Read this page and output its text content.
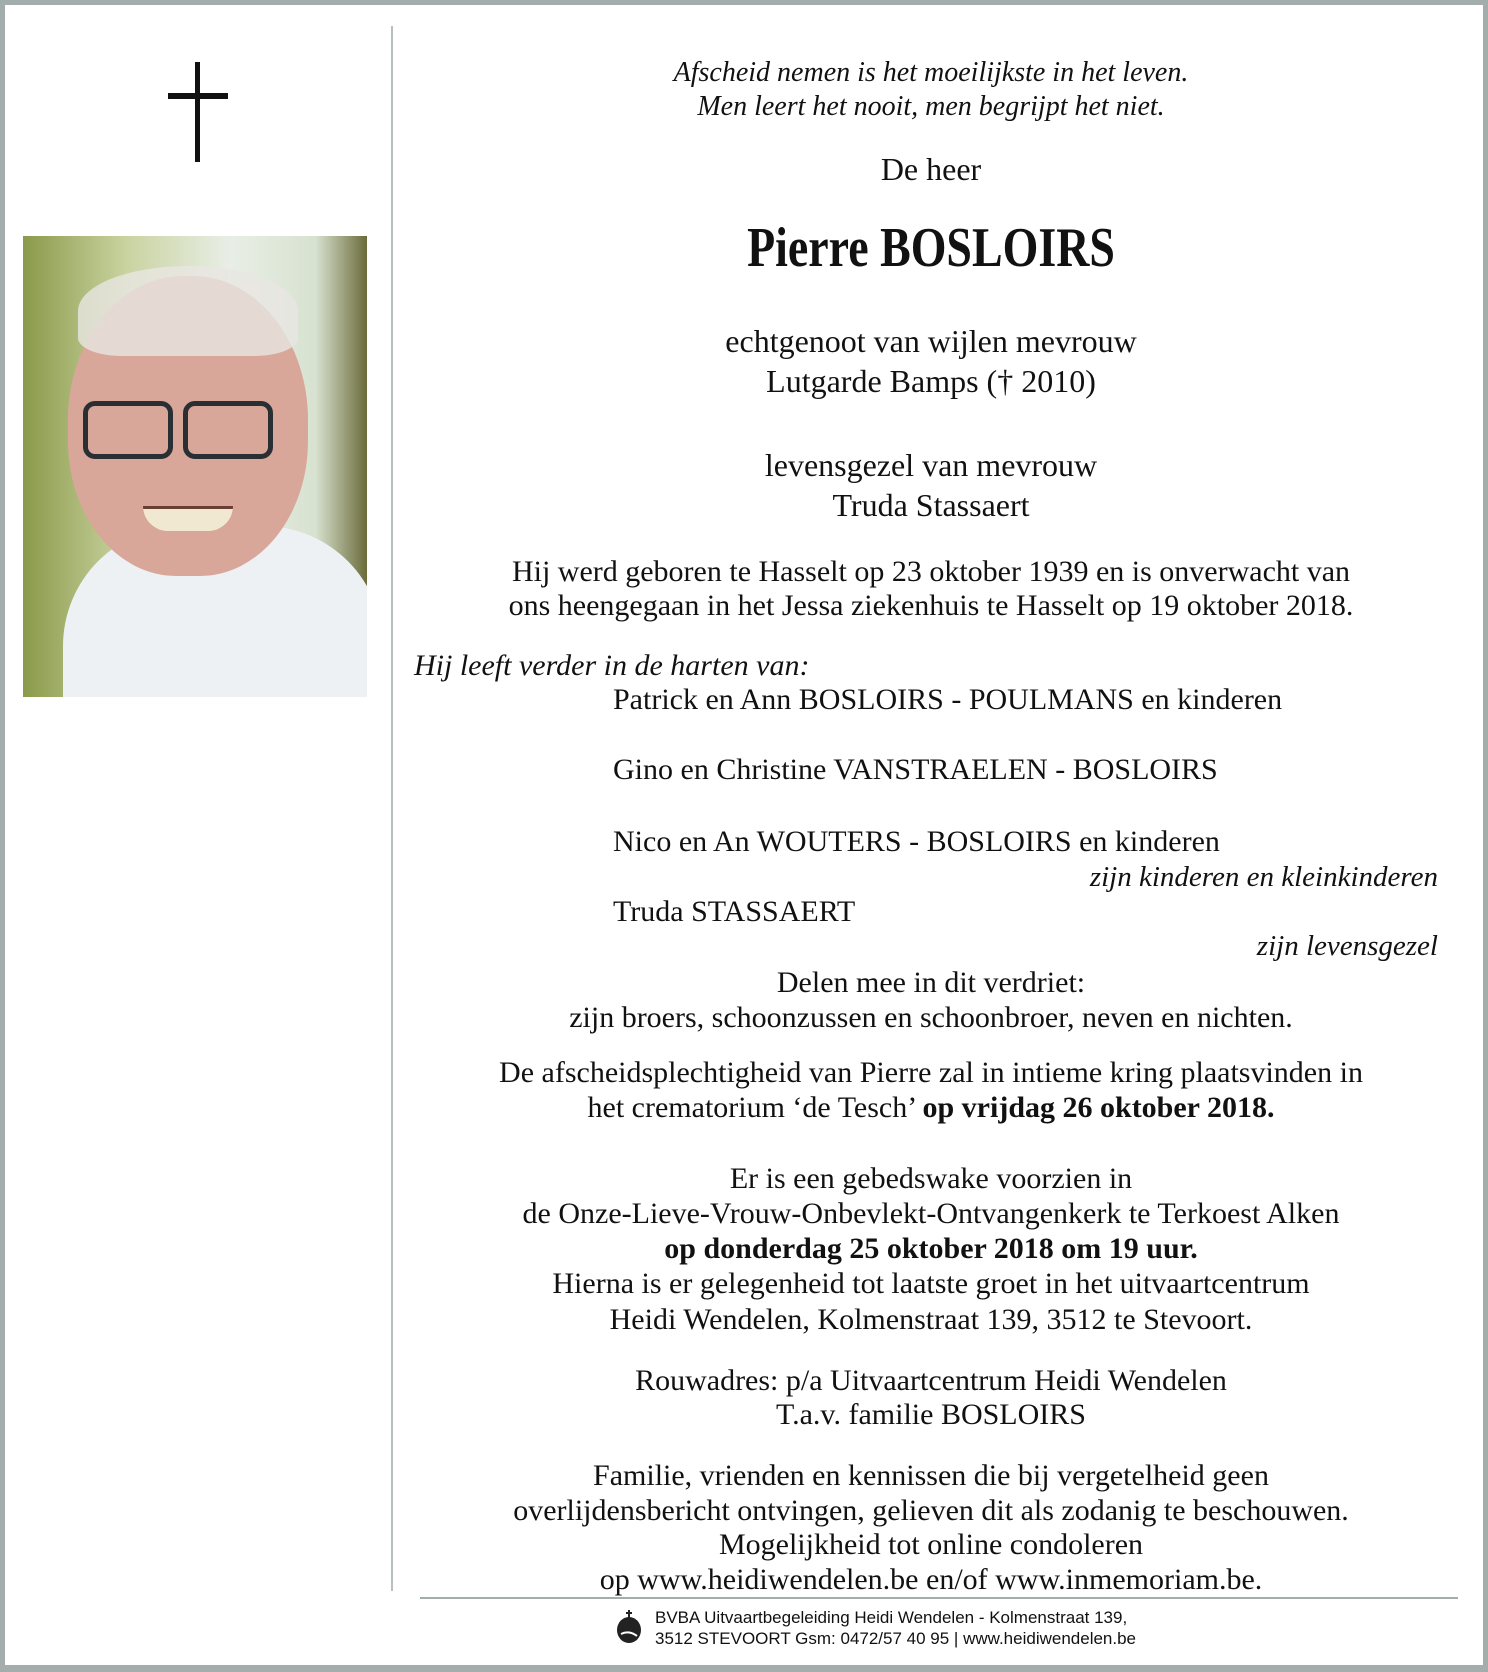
Afscheid nemen is het moeilijkste in het leven.
Men leert het nooit, men begrijpt het niet.
De heer
Pierre BOSLOIRS
echtgenoot van wijlen mevrouw
Lutgarde Bamps († 2010)
levensgezel van mevrouw
Truda Stassaert
Hij werd geboren te Hasselt op 23 oktober 1939 en is onverwacht van
ons heengegaan in het Jessa ziekenhuis te Hasselt op 19 oktober 2018.
Hij leeft verder in de harten van:
Patrick en Ann BOSLOIRS - POULMANS en kinderen
Gino en Christine VANSTRAELEN - BOSLOIRS
Nico en An WOUTERS - BOSLOIRS en kinderen
zijn kinderen en kleinkinderen
Truda STASSAERT
zijn levensgezel
Delen mee in dit verdriet:
zijn broers, schoonzussen en schoonbroer, neven en nichten.
De afscheidsplechtigheid van Pierre zal in intieme kring plaatsvinden in
het crematorium ‘de Tesch’ op vrijdag 26 oktober 2018.
Er is een gebedswake voorzien in
de Onze-Lieve-Vrouw-Onbevlekt-Ontvangenkerk te Terkoest Alken
op donderdag 25 oktober 2018 om 19 uur.
Hierna is er gelegenheid tot laatste groet in het uitvaartcentrum
Heidi Wendelen, Kolmenstraat 139, 3512 te Stevoort.
Rouwadres: p/a Uitvaartcentrum Heidi Wendelen
T.a.v. familie BOSLOIRS
Familie, vrienden en kennissen die bij vergetelheid geen
overlijdensbericht ontvingen, gelieven dit als zodanig te beschouwen.
Mogelijkheid tot online condoleren
op www.heidiwendelen.be en/of www.inmemoriam.be.
BVBA Uitvaartbegeleiding Heidi Wendelen - Kolmenstraat 139,
3512 STEVOORT Gsm: 0472/57 40 95 | www.heidiwendelen.be
